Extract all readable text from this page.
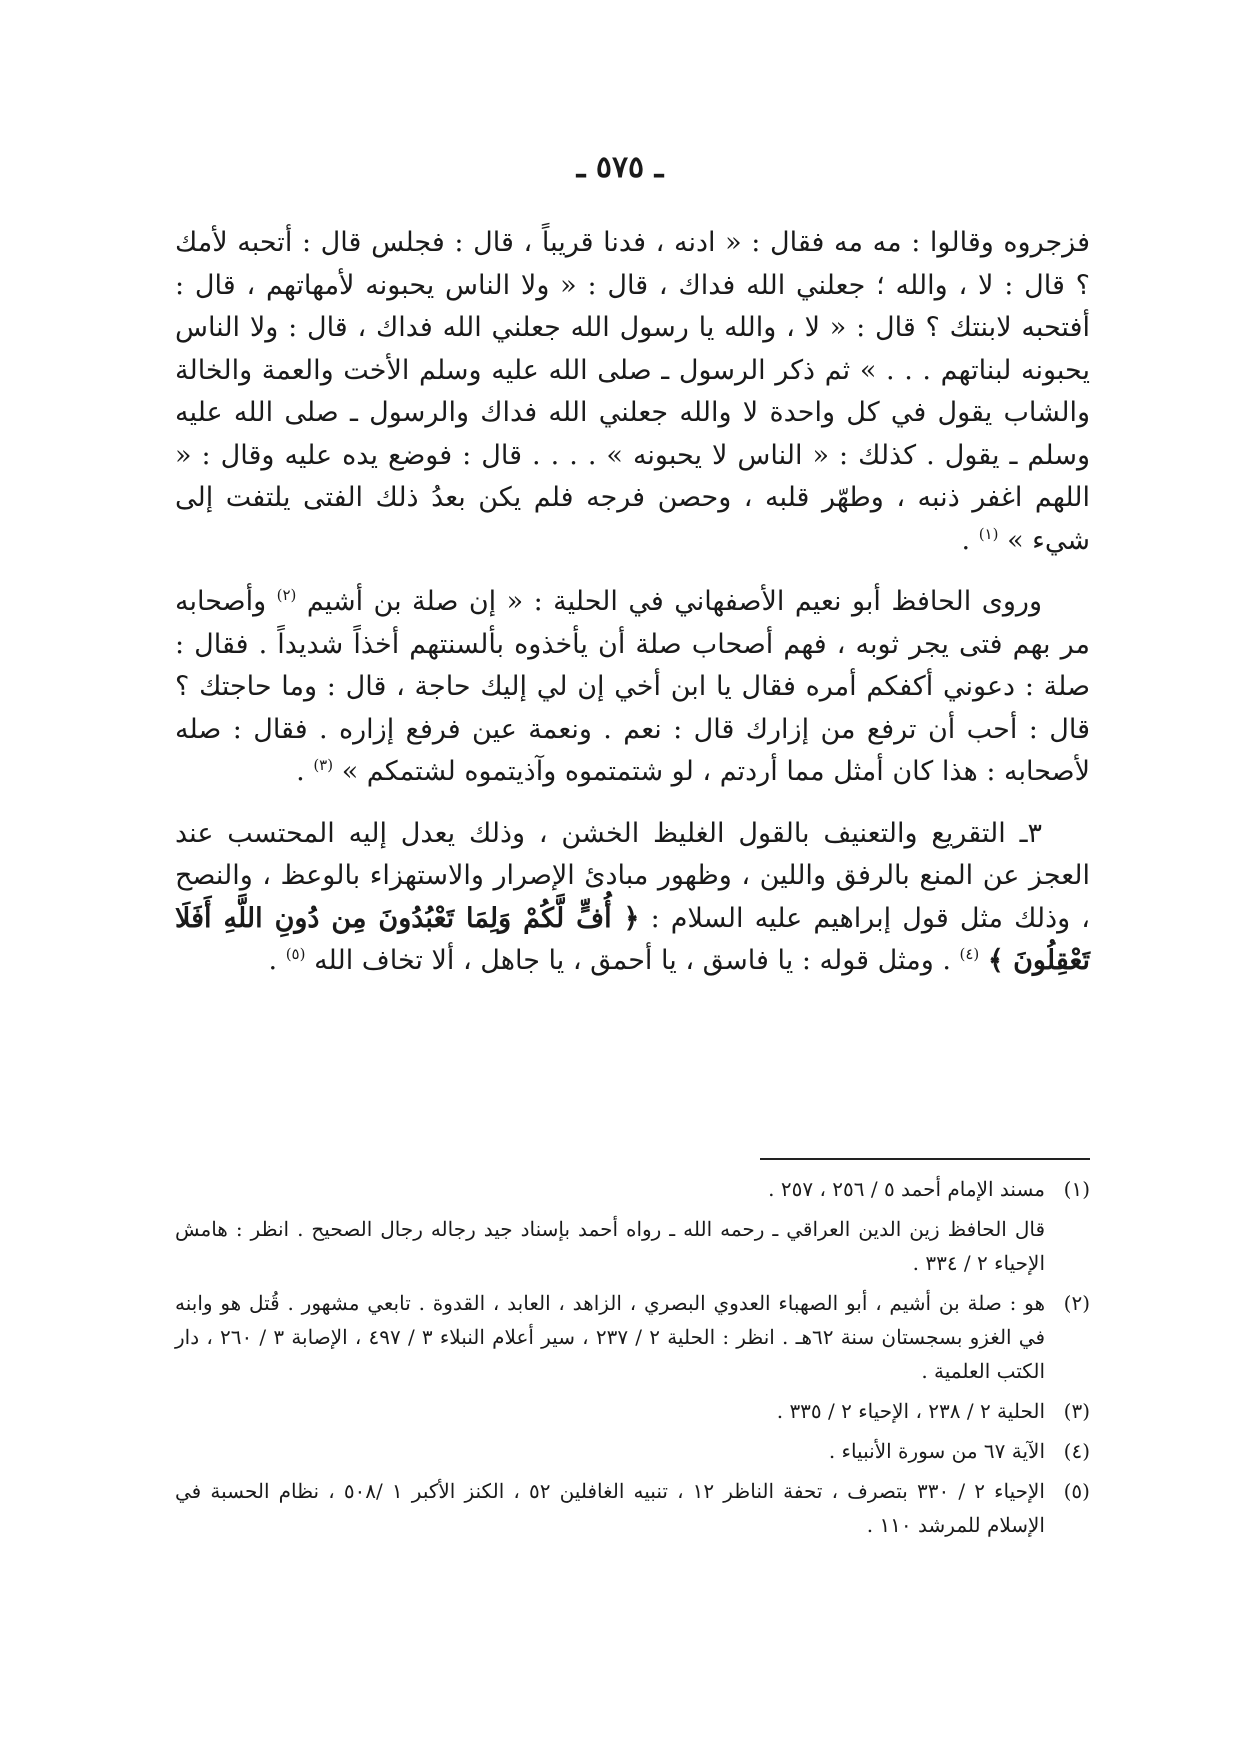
ـ ٥٧٥ ـ

فزجروه وقالوا : مه مه فقال : « ادنه ، فدنا قريباً ، قال : فجلس قال : أتحبه لأمك ؟ قال : لا ، والله ؛ جعلني الله فداك ، قال : « ولا الناس يحبونه لأمهاتهم ، قال : أفتحبه لابنتك ؟ قال : « لا ، والله يا رسول الله جعلني الله فداك ، قال : ولا الناس يحبونه لبناتهم . . . » ثم ذكر الرسول ـ صلى الله عليه وسلم الأخت والعمة والخالة والشاب يقول في كل واحدة لا والله جعلني الله فداك والرسول ـ صلى الله عليه وسلم ـ يقول . كذلك : « الناس لا يحبونه » . . . . قال : فوضع يده عليه وقال : « اللهم اغفر ذنبه ، وطهّر قلبه ، وحصن فرجه فلم يكن بعدُ ذلك الفتى يلتفت إلى شيء » $^{(١)}$ .

وروى الحافظ أبو نعيم الأصفهاني في الحلية : « إن صلة بن أشيم $^{(٢)}$ وأصحابه مر بهم فتى يجر ثوبه ، فهم أصحاب صلة أن يأخذوه بألسنتهم أخذاً شديداً . فقال : صلة : دعوني أكفكم أمره فقال يا ابن أخي إن لي إليك حاجة ، قال : وما حاجتك ؟ قال : أحب أن ترفع من إزارك قال : نعم . ونعمة عين فرفع إزاره . فقال : صله لأصحابه : هذا كان أمثل مما أردتم ، لو شتمتموه وآذيتموه لشتمكم » $^{(٣)}$ .

٣ـ التقريع والتعنيف بالقول الغليظ الخشن ، وذلك يعدل إليه المحتسب عند العجز عن المنع بالرفق واللين ، وظهور مبادئ الإصرار والاستهزاء بالوعظ ، والنصح ، وذلك مثل قول إبراهيم عليه السلام : ﴿ أُفٍّ لَّكُمْ وَلِمَا تَعْبُدُونَ مِن دُونِ اللَّهِ أَفَلَا تَعْقِلُونَ ﴾ $^{(٤)}$ . ومثل قوله : يا فاسق ، يا أحمق ، يا جاهل ، ألا تخاف الله $^{(٥)}$ .

(١)مسند الإمام أحمد ٥ / ٢٥٦ ، ٢٥٧ .
قال الحافظ زين الدين العراقي ـ رحمه الله ـ رواه أحمد بإسناد جيد رجاله رجال الصحيح . انظر : هامش الإحياء ٢ / ٣٣٤ .
(٢)هو : صلة بن أشيم ، أبو الصهباء العدوي البصري ، الزاهد ، العابد ، القدوة . تابعي مشهور . قُتل هو وابنه في الغزو بسجستان سنة ٦٢هـ . انظر : الحلية ٢ / ٢٣٧ ، سير أعلام النبلاء ٣ / ٤٩٧ ، الإصابة ٣ / ٢٦٠ ، دار الكتب العلمية .
(٣)الحلية ٢ / ٢٣٨ ، الإحياء ٢ / ٣٣٥ .
(٤)الآية ٦٧ من سورة الأنبياء .
(٥)الإحياء ٢ / ٣٣٠ بتصرف ، تحفة الناظر ١٢ ، تنبيه الغافلين ٥٢ ، الكنز الأكبر ١ /٥٠٨ ، نظام الحسبة في الإسلام للمرشد ١١٠ .
